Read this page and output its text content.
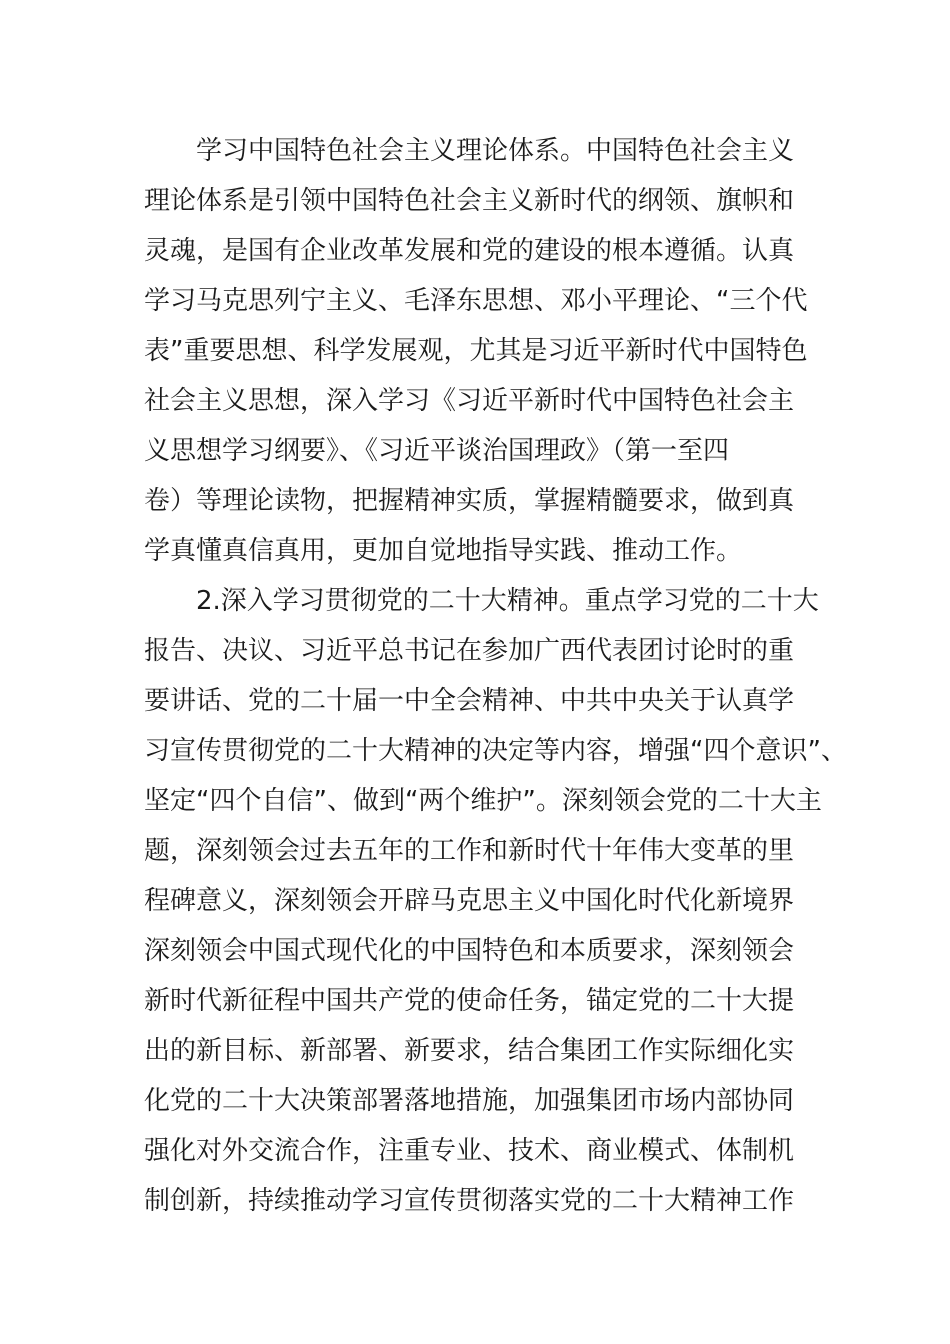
学习中国特色社会主义理论体系。中国特色社会主义
理论体系是引领中国特色社会主义新时代的纲领、旗帜和
灵魂，是国有企业改革发展和党的建设的根本遵循。认真
学习马克思列宁主义、毛泽东思想、邓小平理论、“三个代
表”重要思想、科学发展观，尤其是习近平新时代中国特色
社会主义思想，深入学习《习近平新时代中国特色社会主
义思想学习纲要》、《习近平谈治国理政》（第一至四
卷）等理论读物，把握精神实质，掌握精髓要求，做到真
学真懂真信真用，更加自觉地指导实践、推动工作。
2.深入学习贯彻党的二十大精神。重点学习党的二十大
报告、决议、习近平总书记在参加广西代表团讨论时的重
要讲话、党的二十届一中全会精神、中共中央关于认真学
习宣传贯彻党的二十大精神的决定等内容，增强“四个意识”、
坚定“四个自信”、做到“两个维护”。深刻领会党的二十大主
题，深刻领会过去五年的工作和新时代十年伟大变革的里
程碑意义，深刻领会开辟马克思主义中国化时代化新境界
深刻领会中国式现代化的中国特色和本质要求，深刻领会
新时代新征程中国共产党的使命任务，锚定党的二十大提
出的新目标、新部署、新要求，结合集团工作实际细化实
化党的二十大决策部署落地措施，加强集团市场内部协同
强化对外交流合作，注重专业、技术、商业模式、体制机
制创新，持续推动学习宣传贯彻落实党的二十大精神工作
